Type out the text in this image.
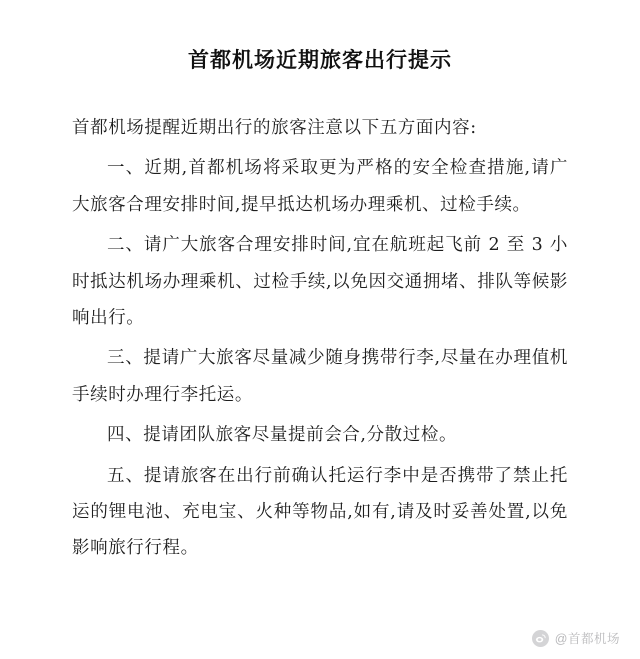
首都机场近期旅客出行提示

首都机场提醒近期出行的旅客注意以下五方面内容:

一、近期,首都机场将采取更为严格的安全检查措施,请广大旅客合理安排时间,提早抵达机场办理乘机、过检手续。

二、请广大旅客合理安排时间,宜在航班起飞前 2 至 3 小时抵达机场办理乘机、过检手续,以免因交通拥堵、排队等候影响出行。

三、提请广大旅客尽量减少随身携带行李,尽量在办理值机手续时办理行李托运。

四、提请团队旅客尽量提前会合,分散过检。

五、提请旅客在出行前确认托运行李中是否携带了禁止托运的锂电池、充电宝、火种等物品,如有,请及时妥善处置,以免影响旅行行程。

@首都机场
